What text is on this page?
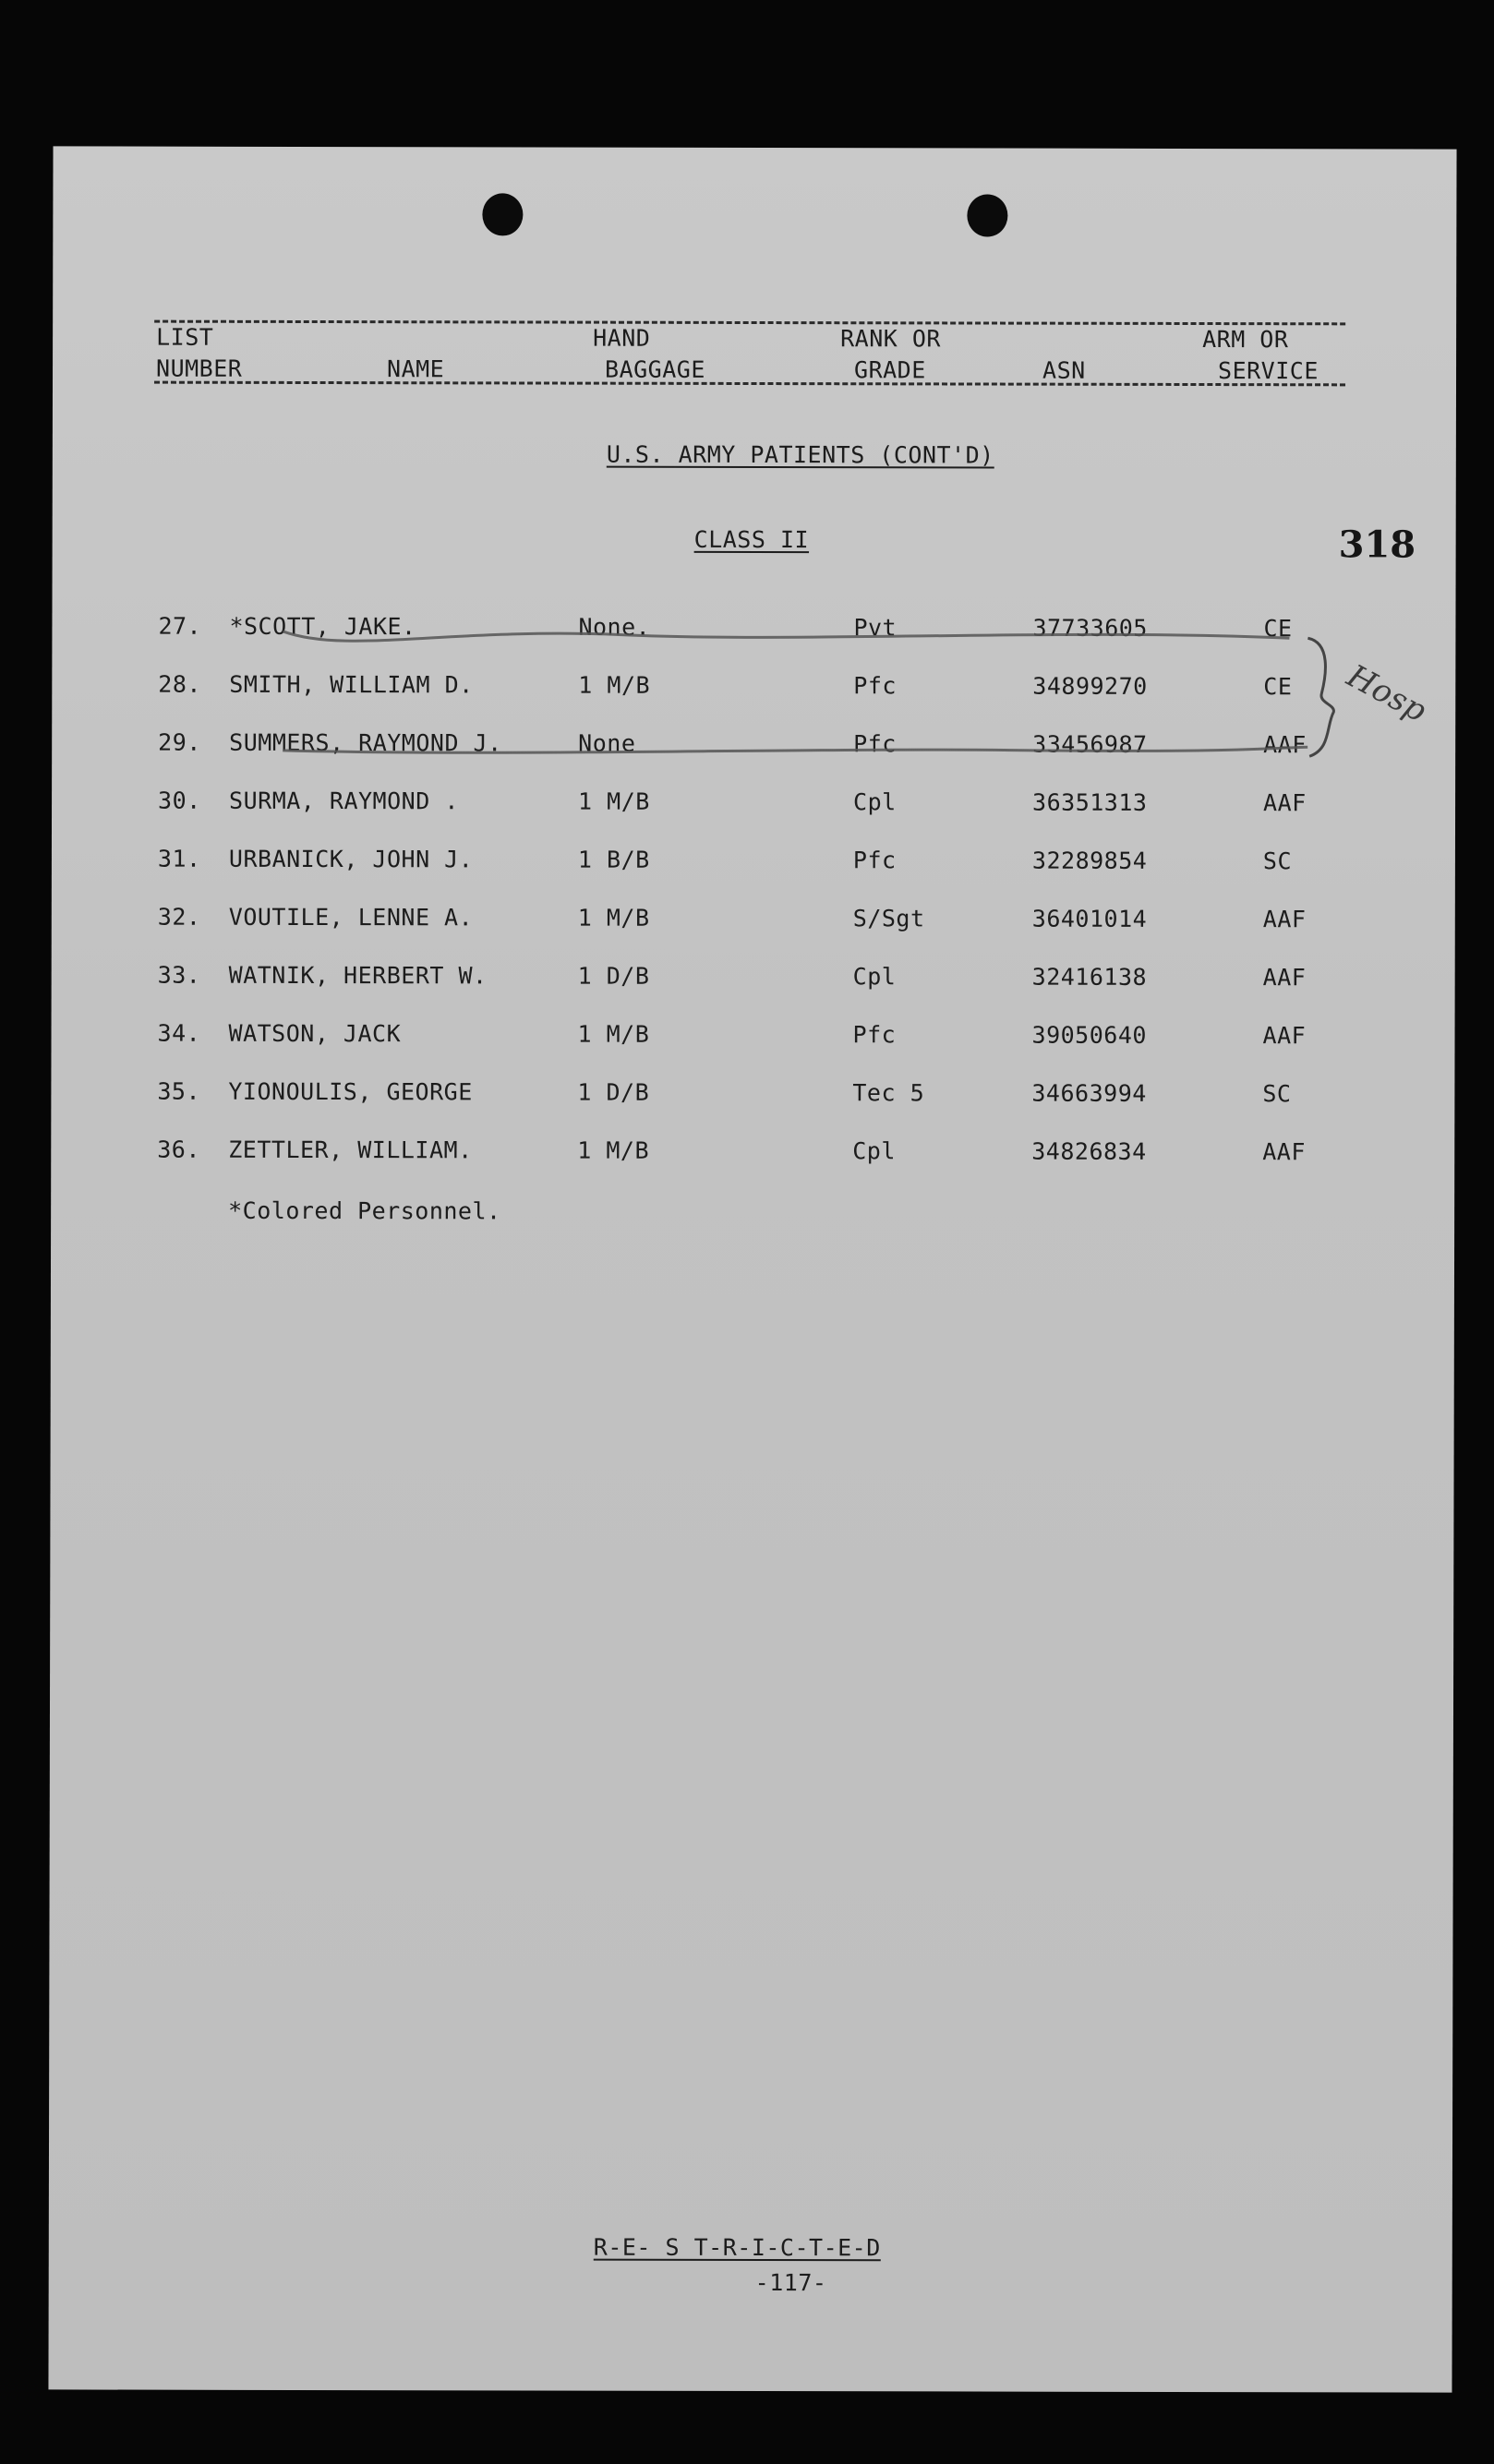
LIST
NUMBER	NAME
HAND
BAGGAGE
RANK OR
GRADE	ASN
ARM OR
SERVICE
U.S. ARMY PATIENTS (CONT'D)
CLASS II	318
27. *SCOTT, JAKE.	None.	Pvt	37733605	CE
28. SMITH, WILLIAM D.	1 M/B	Pfc	34899270	CE
29. SUMMERS, RAYMOND J.	None	Pfc	33456987	AAF
30. SURMA, RAYMOND .	1 M/B	Cpl	36351313	AAF
31. URBANICK, JOHN J.	1 B/B	Pfc	32289854	SC
32. VOUTILE, LENNE A.	1 M/B	S/Sgt	36401014	AAF
33. WATNIK, HERBERT W.	1 D/B	Cpl	32416138	AAF
34. WATSON, JACK	1 M/B	Pfc	39050640	AAF
35. YIONOULIS, GEORGE	1 D/B	Tec 5	34663994	SC
36. ZETTLER, WILLIAM.	1 M/B	Cpl	34826834	AAF
Hosp
*Colored Personnel.
R-E- S T-R-I-C-T-E-D
-117-
